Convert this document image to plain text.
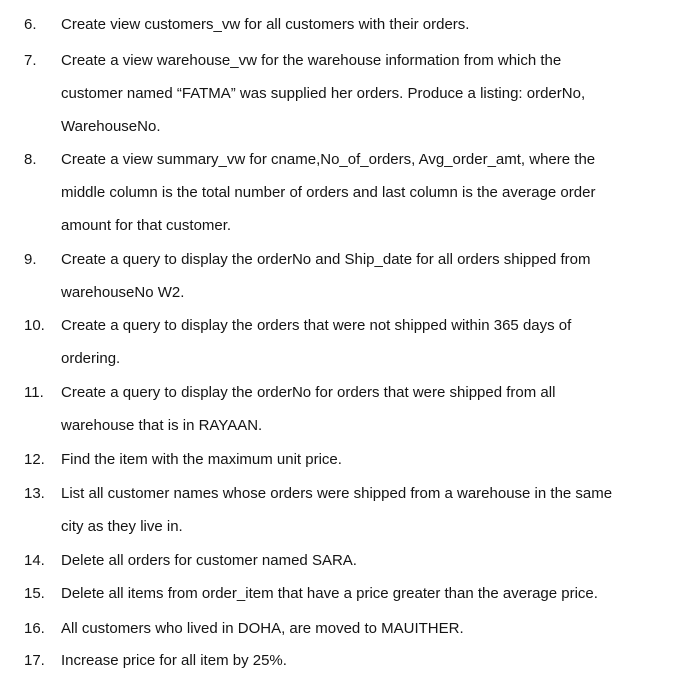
6. Create view customers_vw for all customers with their orders.
7. Create a view warehouse_vw for the warehouse information from which the
customer named “FATMA” was supplied her orders. Produce a listing: orderNo,
WarehouseNo.
8. Create a view summary_vw for cname,No_of_orders, Avg_order_amt, where the
middle column is the total number of orders and last column is the average order
amount for that customer.
9. Create a query to display the orderNo and Ship_date for all orders shipped from
warehouseNo W2.
10. Create a query to display the orders that were not shipped within 365 days of
ordering.
11. Create a query to display the orderNo for orders that were shipped from all
warehouse that is in RAYAAN.
12. Find the item with the maximum unit price.
13. List all customer names whose orders were shipped from a warehouse in the same
city as they live in.
14. Delete all orders for customer named SARA.
15. Delete all items from order_item that have a price greater than the average price.
16. All customers who lived in DOHA, are moved to MAUITHER.
17. Increase price for all item by 25%.
